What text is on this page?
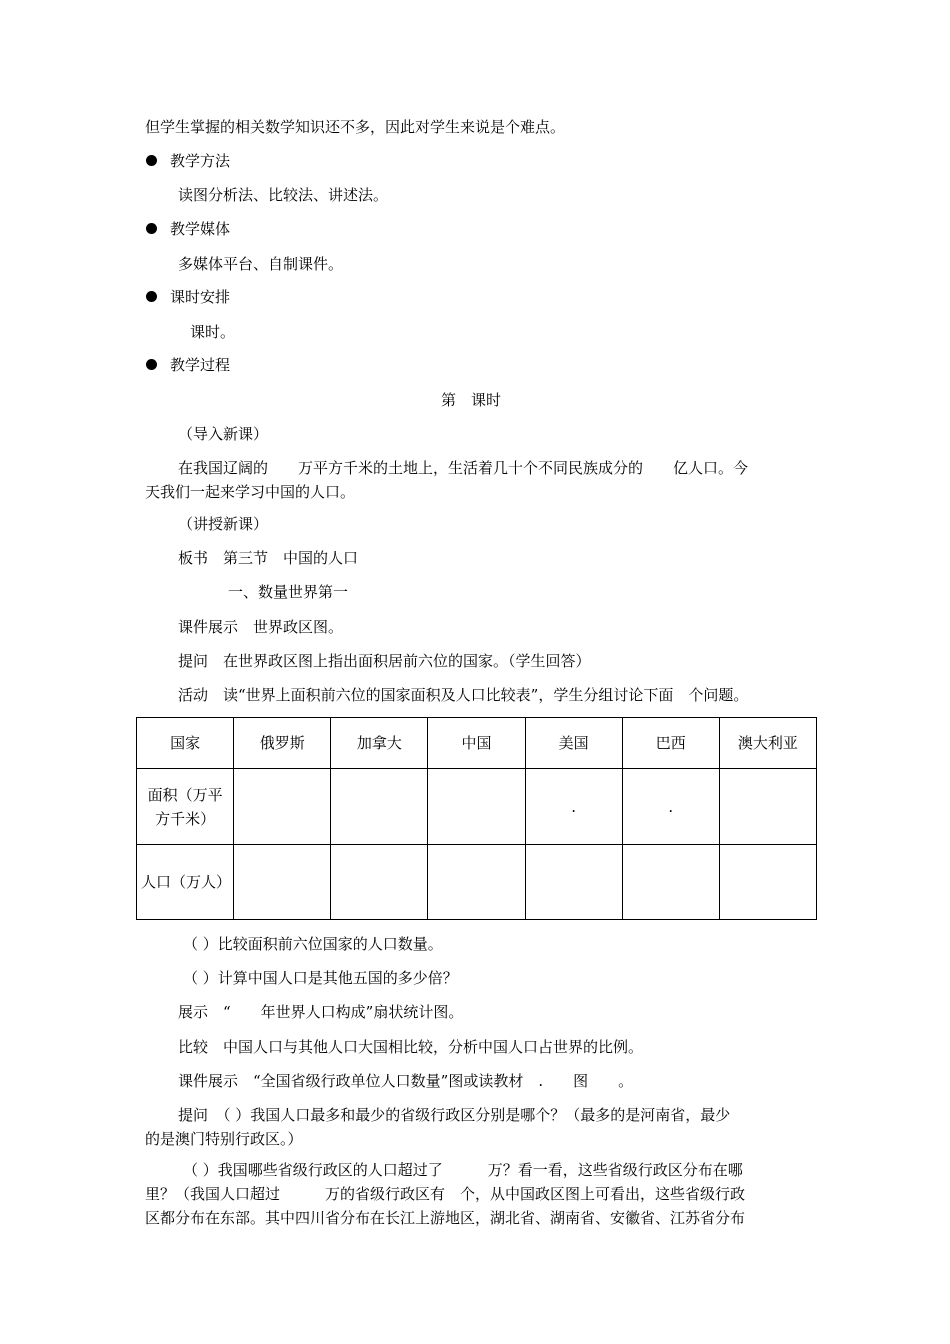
但学生掌握的相关数学知识还不多，因此对学生来说是个难点。
教学方法
读图分析法、比较法、讲述法。
教学媒体
多媒体平台、自制课件。
课时安排
课时。
教学过程
第　课时
（导入新课）
在我国辽阔的　　万平方千米的土地上，生活着几十个不同民族成分的　　亿人口。今
天我们一起来学习中国的人口。
（讲授新课）
板书　第三节　中国的人口
一、数量世界第一
课件展示　世界政区图。
提问　在世界政区图上指出面积居前六位的国家。（学生回答）
活动　读“世界上面积前六位的国家面积及人口比较表”，学生分组讨论下面　个问题。
国家	俄罗斯	加拿大	中国	美国	巴西	澳大利亚
面积（万平方千米）				.	.	
人口（万人）						
（ ）比较面积前六位国家的人口数量。
（ ）计算中国人口是其他五国的多少倍？
展示　“　　年世界人口构成”扇状统计图。
比较　中国人口与其他人口大国相比较，分析中国人口占世界的比例。
课件展示　“全国省级行政单位人口数量”图或读教材　.　　图　　。
提问　（ ）我国人口最多和最少的省级行政区分别是哪个？（最多的是河南省，最少
的是澳门特别行政区。）
（ ）我国哪些省级行政区的人口超过了　　　万？看一看，这些省级行政区分布在哪
里？（我国人口超过　　　万的省级行政区有　个，从中国政区图上可看出，这些省级行政
区都分布在东部。其中四川省分布在长江上游地区，湖北省、湖南省、安徽省、江苏省分布
